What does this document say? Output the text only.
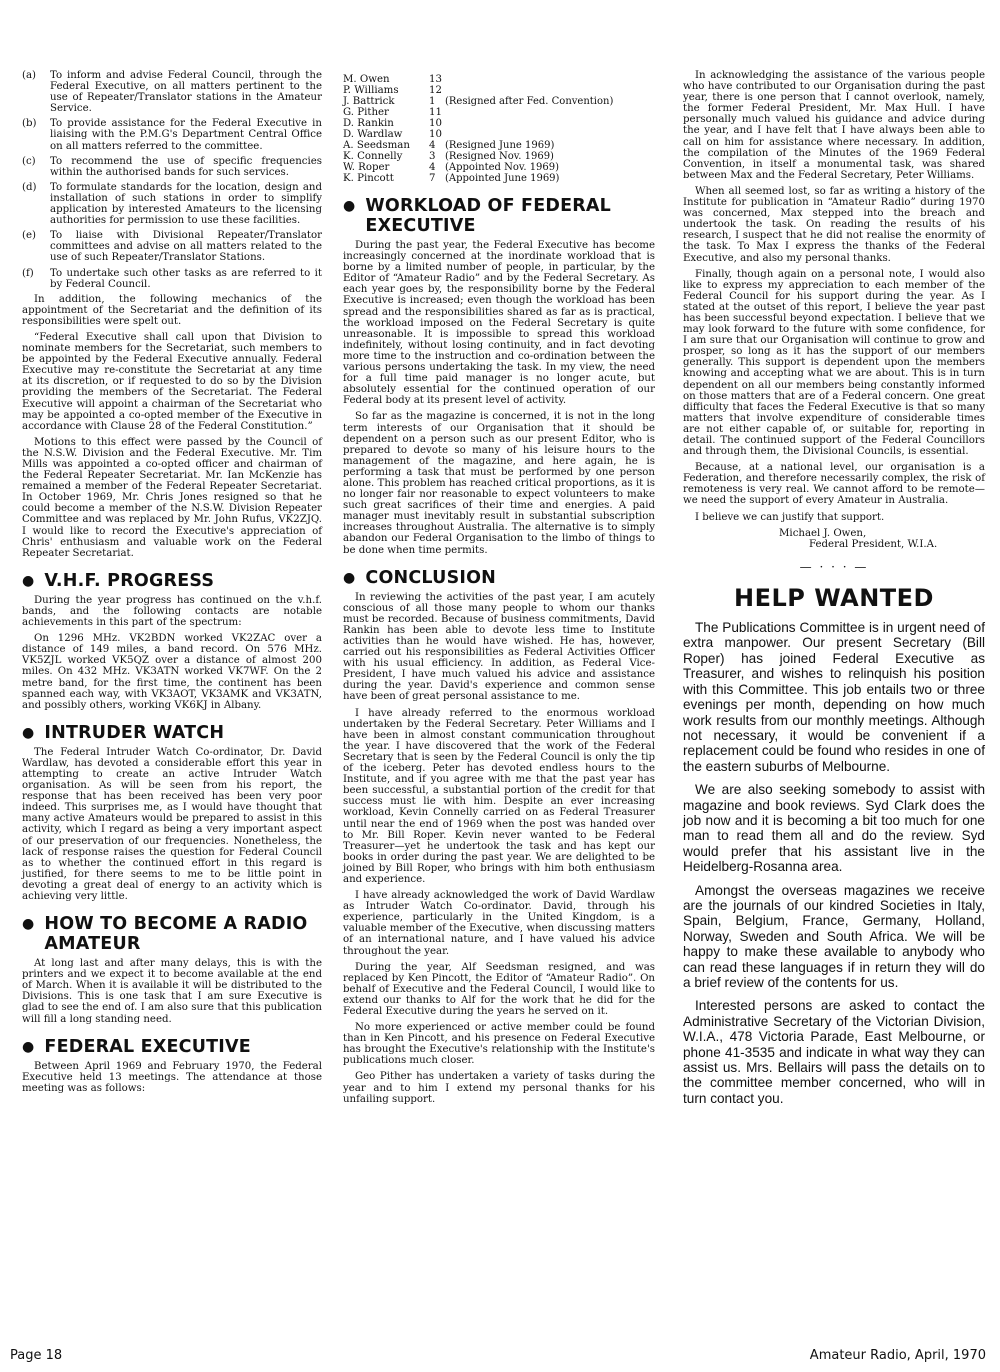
(a)	To inform and advise Federal Council, through the Federal Executive, on all matters pertinent to the use of Repeater/Translator stations in the Amateur Service.
(b)	To provide assistance for the Federal Executive in liaising with the P.M.G's Department Central Office on all matters referred to the committee.
(c)	To recommend the use of specific frequencies within the authorised bands for such services.
(d)	To formulate standards for the location, design and installation of such stations in order to simplify application by interested Amateurs to the licensing authorities for permission to use these facilities.
(e)	To liaise with Divisional Repeater/Translator committees and advise on all matters related to the use of such Repeater/Translator Stations.
(f)	To undertake such other tasks as are referred to it by Federal Council.

In addition, the following mechanics of the appointment of the Secretariat and the definition of its responsibilities were spelt out.

“Federal Executive shall call upon that Division to nominate members for the Secretariat, such members to be appointed by the Federal Executive annually. Federal Executive may re-constitute the Secretariat at any time at its discretion, or if requested to do so by the Division providing the members of the Secretariat. The Federal Executive will appoint a chairman of the Secretariat who may be appointed a co-opted member of the Executive in accordance with Clause 28 of the Federal Constitution.”

Motions to this effect were passed by the Council of the N.S.W. Division and the Federal Executive. Mr. Tim Mills was appointed a co-opted officer and chairman of the Federal Repeater Secretariat. Mr. Ian McKenzie has remained a member of the Federal Repeater Secretariat. In October 1969, Mr. Chris Jones resigned so that he could become a member of the N.S.W. Division Repeater Committee and was replaced by Mr. John Rufus, VK2ZJQ. I would like to record the Executive's appreciation of Chris' enthusiasm and valuable work on the Federal Repeater Secretariat.

● V.H.F. PROGRESS

During the year progress has continued on the v.h.f. bands, and the following contacts are notable achievements in this part of the spectrum:

On 1296 MHz. VK2BDN worked VK2ZAC over a distance of 149 miles, a band record. On 576 MHz. VK5ZJL worked VK5QZ over a distance of almost 200 miles. On 432 MHz. VK3ATN worked VK7WF. On the 2 metre band, for the first time, the continent has been spanned each way, with VK3AOT, VK3AMK and VK3ATN, and possibly others, working VK6KJ in Albany.

● INTRUDER WATCH

The Federal Intruder Watch Co-ordinator, Dr. David Wardlaw, has devoted a considerable effort this year in attempting to create an active Intruder Watch organisation. As will be seen from his report, the response that has been received has been very poor indeed. This surprises me, as I would have thought that many active Amateurs would be prepared to assist in this activity, which I regard as being a very important aspect of our preservation of our frequencies. Nonetheless, the lack of response raises the question for Federal Council as to whether the continued effort in this regard is justified, for there seems to me to be little point in devoting a great deal of energy to an activity which is achieving very little.

● HOW TO BECOME A RADIO AMATEUR

At long last and after many delays, this is with the printers and we expect it to become available at the end of March. When it is available it will be distributed to the Divisions. This is one task that I am sure Executive is glad to see the end of. I am also sure that this publication will fill a long standing need.

● FEDERAL EXECUTIVE

Between April 1969 and February 1970, the Federal Executive held 13 meetings. The attendance at those meeting was as follows:

M. Owen	13
P. Williams	12
J. Battrick	1 (Resigned after Fed. Convention)
G. Pither	11
D. Rankin	10
D. Wardlaw	10
A. Seedsman	4 (Resigned June 1969)
K. Connelly	3 (Resigned Nov. 1969)
W. Roper	4 (Appointed Nov. 1969)
K. Pincott	7 (Appointed June 1969)
● WORKLOAD OF FEDERAL EXECUTIVE

During the past year, the Federal Executive has become increasingly concerned at the inordinate workload that is borne by a limited number of people, in particular, by the Editor of “Amateur Radio” and by the Federal Secretary. As each year goes by, the responsibility borne by the Federal Executive is increased; even though the workload has been spread and the responsibilities shared as far as is practical, the workload imposed on the Federal Secretary is quite unreasonable. It is impossible to spread this workload indefinitely, without losing continuity, and in fact devoting more time to the instruction and co-ordination between the various persons undertaking the task. In my view, the need for a full time paid manager is no longer acute, but absolutely essential for the continued operation of our Federal body at its present level of activity.

So far as the magazine is concerned, it is not in the long term interests of our Organisation that it should be dependent on a person such as our present Editor, who is prepared to devote so many of his leisure hours to the management of the magazine, and here again, he is performing a task that must be performed by one person alone. This problem has reached critical proportions, as it is no longer fair nor reasonable to expect volunteers to make such great sacrifices of their time and energies. A paid manager must inevitably result in substantial subscription increases throughout Australia. The alternative is to simply abandon our Federal Organisation to the limbo of things to be done when time permits.

● CONCLUSION

In reviewing the activities of the past year, I am acutely conscious of all those many people to whom our thanks must be recorded. Because of business commitments, David Rankin has been able to devote less time to Institute activities than he would have wished. He has, however, carried out his responsibilities as Federal Activities Officer with his usual efficiency. In addition, as Federal Vice-President, I have much valued his advice and assistance during the year. David's experience and common sense have been of great personal assistance to me.

I have already referred to the enormous workload undertaken by the Federal Secretary. Peter Williams and I have been in almost constant communication throughout the year. I have discovered that the work of the Federal Secretary that is seen by the Federal Council is only the tip of the iceberg. Peter has devoted endless hours to the Institute, and if you agree with me that the past year has been successful, a substantial portion of the credit for that success must lie with him. Despite an ever increasing workload, Kevin Connelly carried on as Federal Treasurer until near the end of 1969 when the post was handed over to Mr. Bill Roper. Kevin never wanted to be Federal Treasurer—yet he undertook the task and has kept our books in order during the past year. We are delighted to be joined by Bill Roper, who brings with him both enthusiasm and experience.

I have already acknowledged the work of David Wardlaw as Intruder Watch Co-ordinator. David, through his experience, particularly in the United Kingdom, is a valuable member of the Executive, when discussing matters of an international nature, and I have valued his advice throughout the year.

During the year, Alf Seedsman resigned, and was replaced by Ken Pincott, the Editor of “Amateur Radio”. On behalf of Executive and the Federal Council, I would like to extend our thanks to Alf for the work that he did for the Federal Executive during the years he served on it.

No more experienced or active member could be found than in Ken Pincott, and his presence on Federal Executive has brought the Executive's relationship with the Institute's publications much closer.

Geo Pither has undertaken a variety of tasks during the year and to him I extend my personal thanks for his unfailing support.

In acknowledging the assistance of the various people who have contributed to our Organisation during the past year, there is one person that I cannot overlook, namely, the former Federal President, Mr. Max Hull. I have personally much valued his guidance and advice during the year, and I have felt that I have always been able to call on him for assistance where necessary. In addition, the compilation of the Minutes of the 1969 Federal Convention, in itself a monumental task, was shared between Max and the Federal Secretary, Peter Williams.

When all seemed lost, so far as writing a history of the Institute for publication in “Amateur Radio” during 1970 was concerned, Max stepped into the breach and undertook the task. On reading the results of his research, I suspect that he did not realise the enormity of the task. To Max I express the thanks of the Federal Executive, and also my personal thanks.

Finally, though again on a personal note, I would also like to express my appreciation to each member of the Federal Council for his support during the year. As I stated at the outset of this report, I believe the year past has been successful beyond expectation. I believe that we may look forward to the future with some confidence, for I am sure that our Organisation will continue to grow and prosper, so long as it has the support of our members generally. This support is dependent upon the members knowing and accepting what we are about. This is in turn dependent on all our members being constantly informed on those matters that are of a Federal concern. One great difficulty that faces the Federal Executive is that so many matters that involve expenditure of considerable times are not either capable of, or suitable for, reporting in detail. The continued support of the Federal Councillors and through them, the Divisional Councils, is essential.

Because, at a national level, our organisation is a Federation, and therefore necessarily complex, the risk of remoteness is very real. We cannot afford to be remote—we need the support of every Amateur in Australia.

I believe we can justify that support.

Michael J. Owen,
Federal President, W.I.A.
— · · · —
HELP WANTED

The Publications Committee is in urgent need of extra manpower. Our present Secretary (Bill Roper) has joined Federal Executive as Treasurer, and wishes to relinquish his position with this Committee. This job entails two or three evenings per month, depending on how much work results from our monthly meetings. Although not necessary, it would be convenient if a replacement could be found who resides in one of the eastern suburbs of Melbourne.

We are also seeking somebody to assist with magazine and book reviews. Syd Clark does the job now and it is becoming a bit too much for one man to read them all and do the review. Syd would prefer that his assistant live in the Heidelberg-Rosanna area.

Amongst the overseas magazines we receive are the journals of our kindred Societies in Italy, Spain, Belgium, France, Germany, Holland, Norway, Sweden and South Africa. We will be happy to make these available to anybody who can read these languages if in return they will do a brief review of the contents for us.

Interested persons are asked to contact the Administrative Secretary of the Victorian Division, W.I.A., 478 Victoria Parade, East Melbourne, or phone 41-3535 and indicate in what way they can assist us. Mrs. Bellairs will pass the details on to the committee member concerned, who will in turn contact you.

Page 18	Amateur Radio, April, 1970
